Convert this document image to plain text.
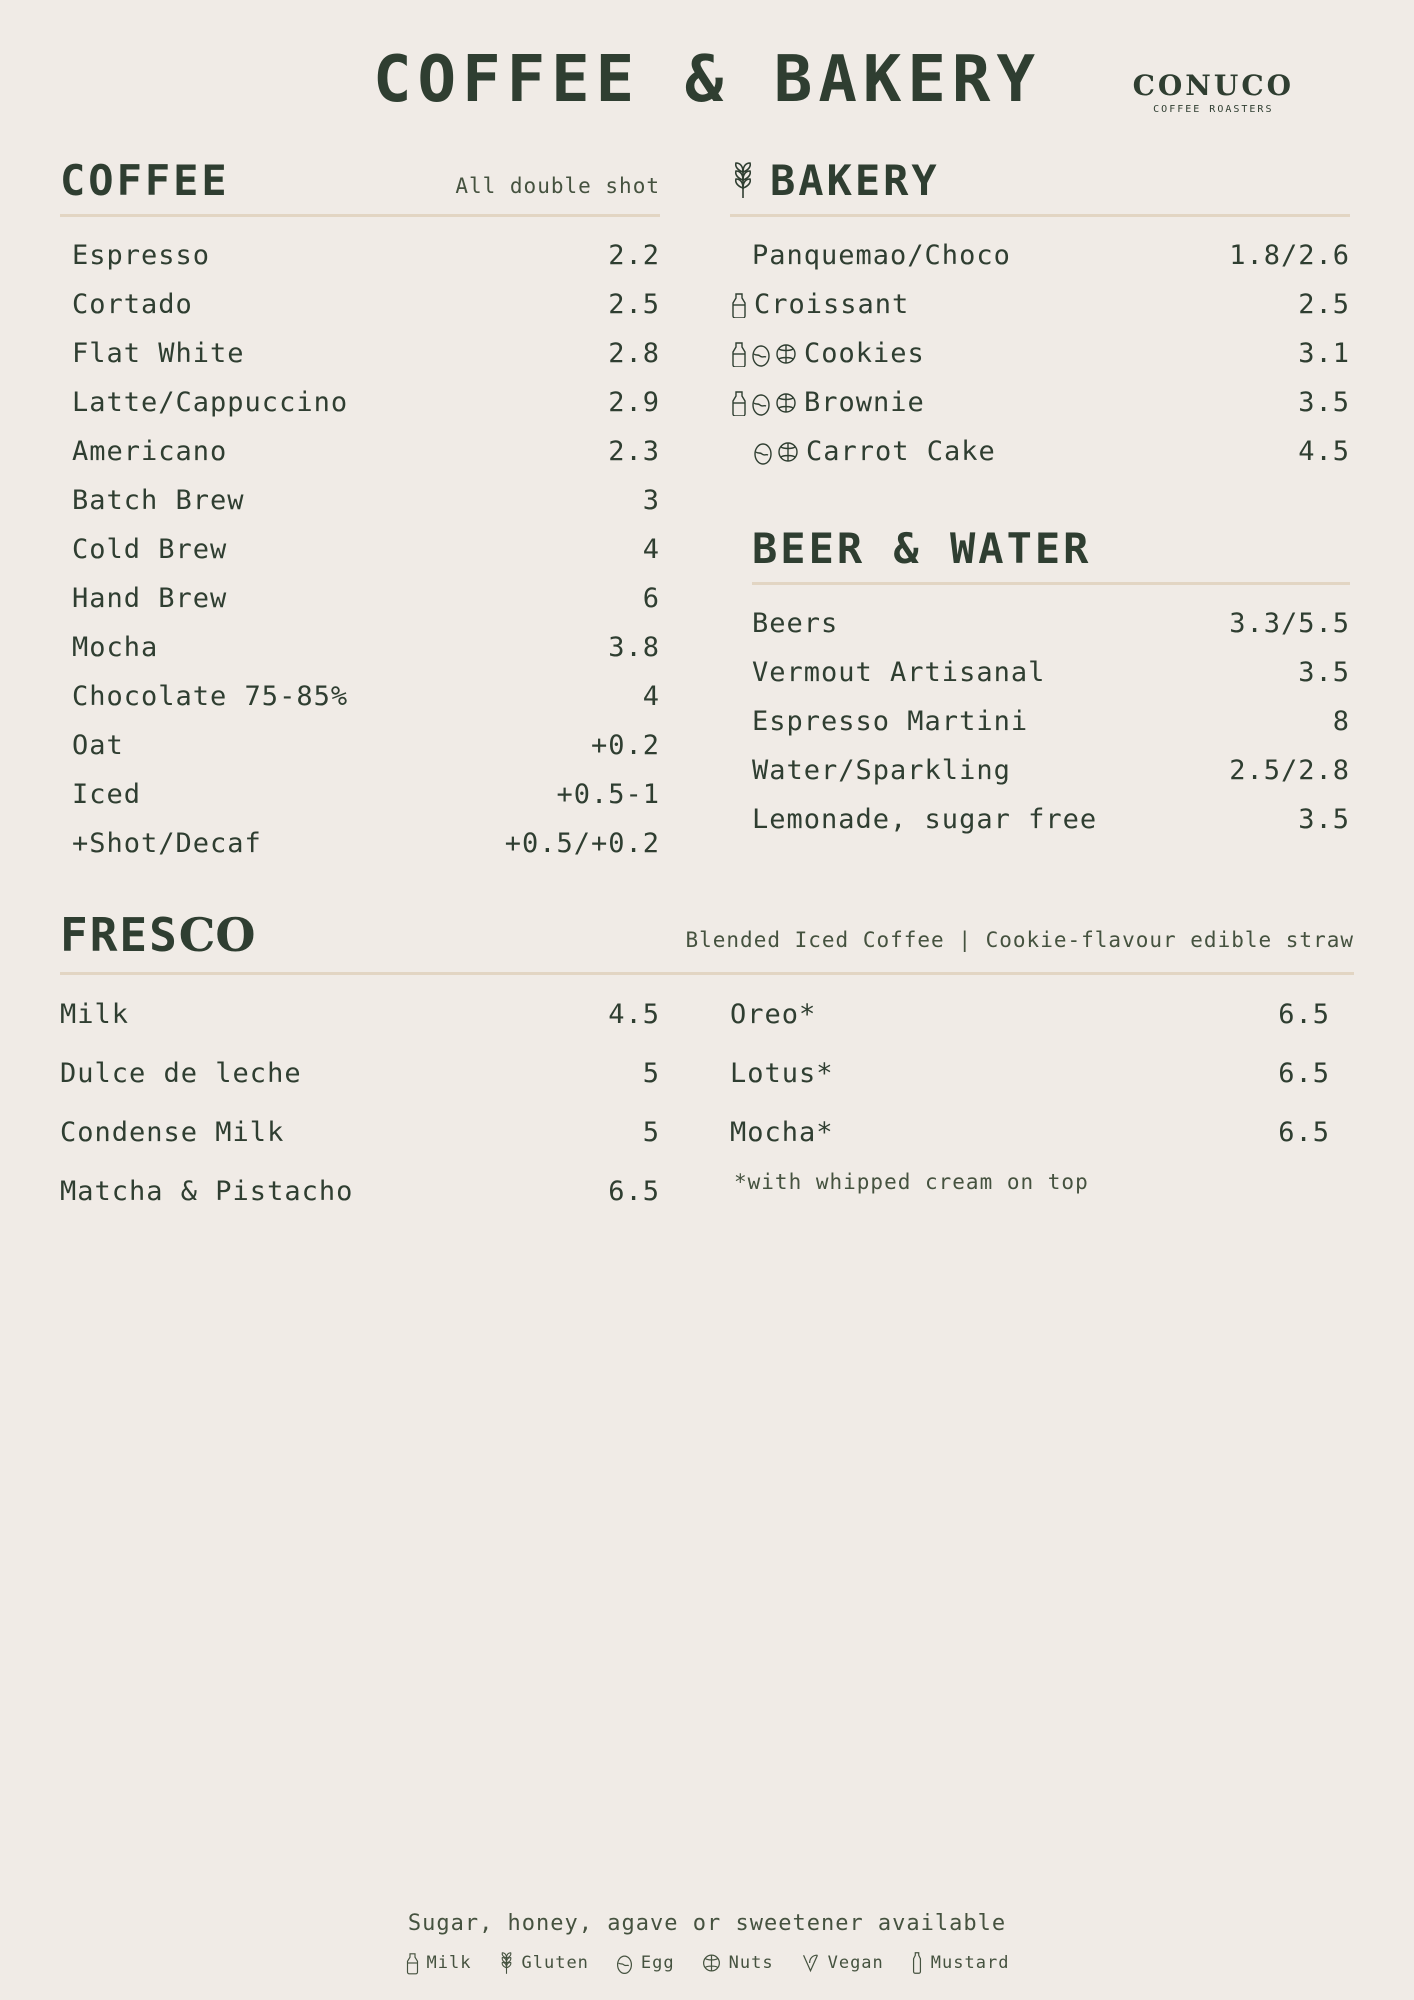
COFFEE & BAKERY	CONUCO
COFFEE ROASTERS
COFFEE	All double shot
Espresso	2.2
Cortado	2.5
Flat White	2.8
Latte/Cappuccino	2.9
Americano	2.3
Batch Brew	3
Cold Brew	4
Hand Brew	6
Mocha	3.8
Chocolate 75-85%	4
Oat	+0.2
Iced	+0.5-1
+Shot/Decaf	+0.5/+0.2
BAKERY
Panquemao/Choco	1.8/2.6
Croissant	2.5
Cookies	3.1
Brownie	3.5
Carrot Cake	4.5
BEER & WATER
Beers	3.3/5.5
Vermout Artisanal	3.5
Espresso Martini	8
Water/Sparkling	2.5/2.8
Lemonade, sugar free	3.5
FRESCO	Blended Iced Coffee | Cookie-flavour edible straw
Milk	4.5
Dulce de leche	5
Condense Milk	5
Matcha & Pistacho	6.5
Oreo*	6.5
Lotus*	6.5
Mocha*	6.5
*with whipped cream on top
Sugar, honey, agave or sweetener available
Milk	Gluten	Egg	Nuts	Vegan	Mustard
